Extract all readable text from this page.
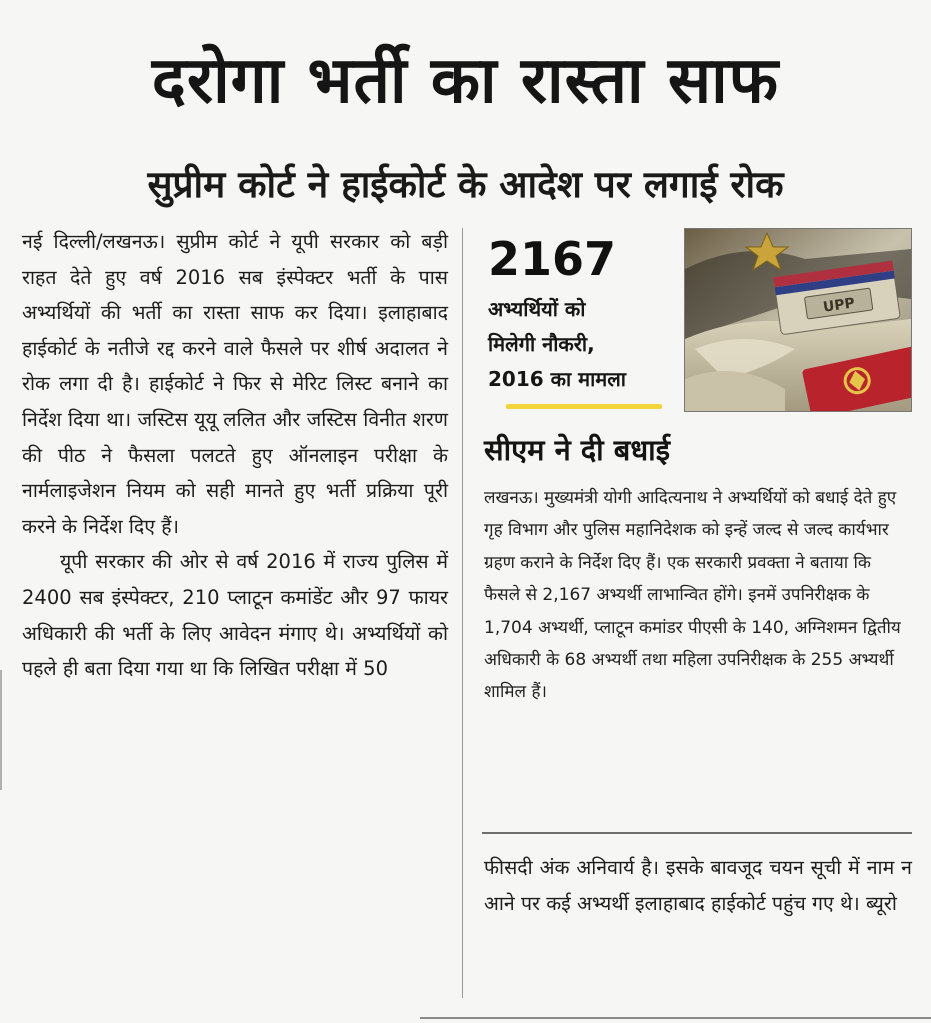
दरोगा भर्ती का रास्ता साफ
सुप्रीम कोर्ट ने हाईकोर्ट के आदेश पर लगाई रोक

नई दिल्ली/लखनऊ। सुप्रीम कोर्ट ने यूपी सरकार को बड़ी राहत देते हुए वर्ष 2016 सब इंस्पेक्टर भर्ती के पास अभ्यर्थियों की भर्ती का रास्ता साफ कर दिया। इलाहाबाद हाईकोर्ट के नतीजे रद्द करने वाले फैसले पर शीर्ष अदालत ने रोक लगा दी है। हाईकोर्ट ने फिर से मेरिट लिस्ट बनाने का निर्देश दिया था। जस्टिस यूयू ललित और जस्टिस विनीत शरण की पीठ ने फैसला पलटते हुए ऑनलाइन परीक्षा के नार्मलाइजेशन नियम को सही मानते हुए भर्ती प्रक्रिया पूरी करने के निर्देश दिए हैं।

यूपी सरकार की ओर से वर्ष 2016 में राज्य पुलिस में 2400 सब इंस्पेक्टर, 210 प्लाटून कमांडेंट और 97 फायर अधिकारी की भर्ती के लिए आवेदन मंगाए थे। अभ्यर्थियों को पहले ही बता दिया गया था कि लिखित परीक्षा में 50

2167
अभ्यर्थियों को
मिलेगी नौकरी,
2016 का मामला
UPP
सीएम ने दी बधाई

लखनऊ। मुख्यमंत्री योगी आदित्यनाथ ने अभ्यर्थियों को बधाई देते हुए गृह विभाग और पुलिस महानिदेशक को इन्हें जल्द से जल्द कार्यभार ग्रहण कराने के निर्देश दिए हैं। एक सरकारी प्रवक्ता ने बताया कि फैसले से 2,167 अभ्यर्थी लाभान्वित होंगे। इनमें उपनिरीक्षक के 1,704 अभ्यर्थी, प्लाटून कमांडर पीएसी के 140, अग्निशमन द्वितीय अधिकारी के 68 अभ्यर्थी तथा महिला उपनिरीक्षक के 255 अभ्यर्थी शामिल हैं।

फीसदी अंक अनिवार्य है। इसके बावजूद चयन सूची में नाम न आने पर कई अभ्यर्थी इलाहाबाद हाईकोर्ट पहुंच गए थे। ब्यूरो
